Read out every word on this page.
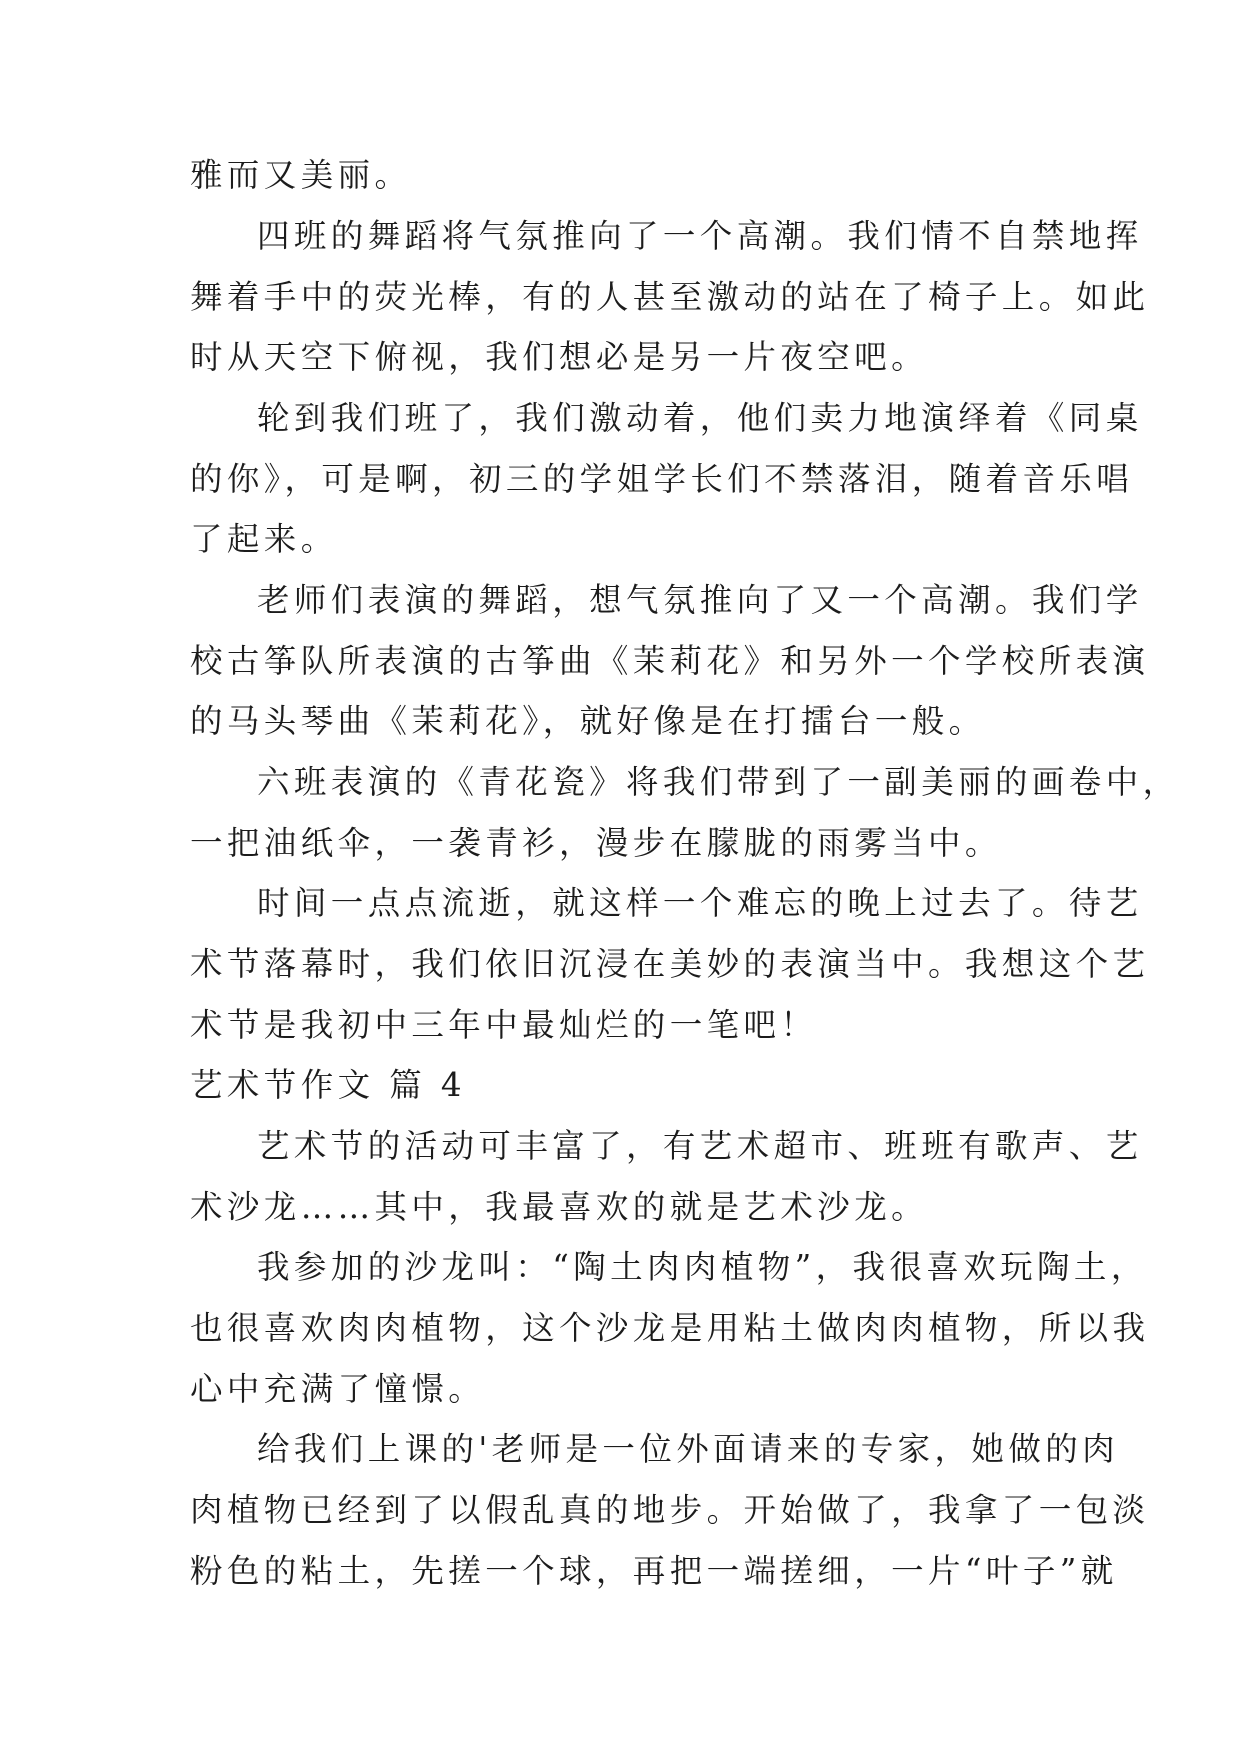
雅而又美丽。
四班的舞蹈将气氛推向了一个高潮。我们情不自禁地挥
舞着手中的荧光棒，有的人甚至激动的站在了椅子上。如此
时从天空下俯视，我们想必是另一片夜空吧。
轮到我们班了，我们激动着，他们卖力地演绎着《同桌
的你》，可是啊，初三的学姐学长们不禁落泪，随着音乐唱
了起来。
老师们表演的舞蹈，想气氛推向了又一个高潮。我们学
校古筝队所表演的古筝曲《茉莉花》和另外一个学校所表演
的马头琴曲《茉莉花》，就好像是在打擂台一般。
六班表演的《青花瓷》将我们带到了一副美丽的画卷中，
一把油纸伞，一袭青衫，漫步在朦胧的雨雾当中。
时间一点点流逝，就这样一个难忘的晚上过去了。待艺
术节落幕时，我们依旧沉浸在美妙的表演当中。我想这个艺
术节是我初中三年中最灿烂的一笔吧！
艺术节作文 篇 4
艺术节的活动可丰富了，有艺术超市、班班有歌声、艺
术沙龙……其中，我最喜欢的就是艺术沙龙。
我参加的沙龙叫：“陶土肉肉植物”，我很喜欢玩陶土，
也很喜欢肉肉植物，这个沙龙是用粘土做肉肉植物，所以我
心中充满了憧憬。
给我们上课的'老师是一位外面请来的专家，她做的肉
肉植物已经到了以假乱真的地步。开始做了，我拿了一包淡
粉色的粘土，先搓一个球，再把一端搓细，一片“叶子”就
